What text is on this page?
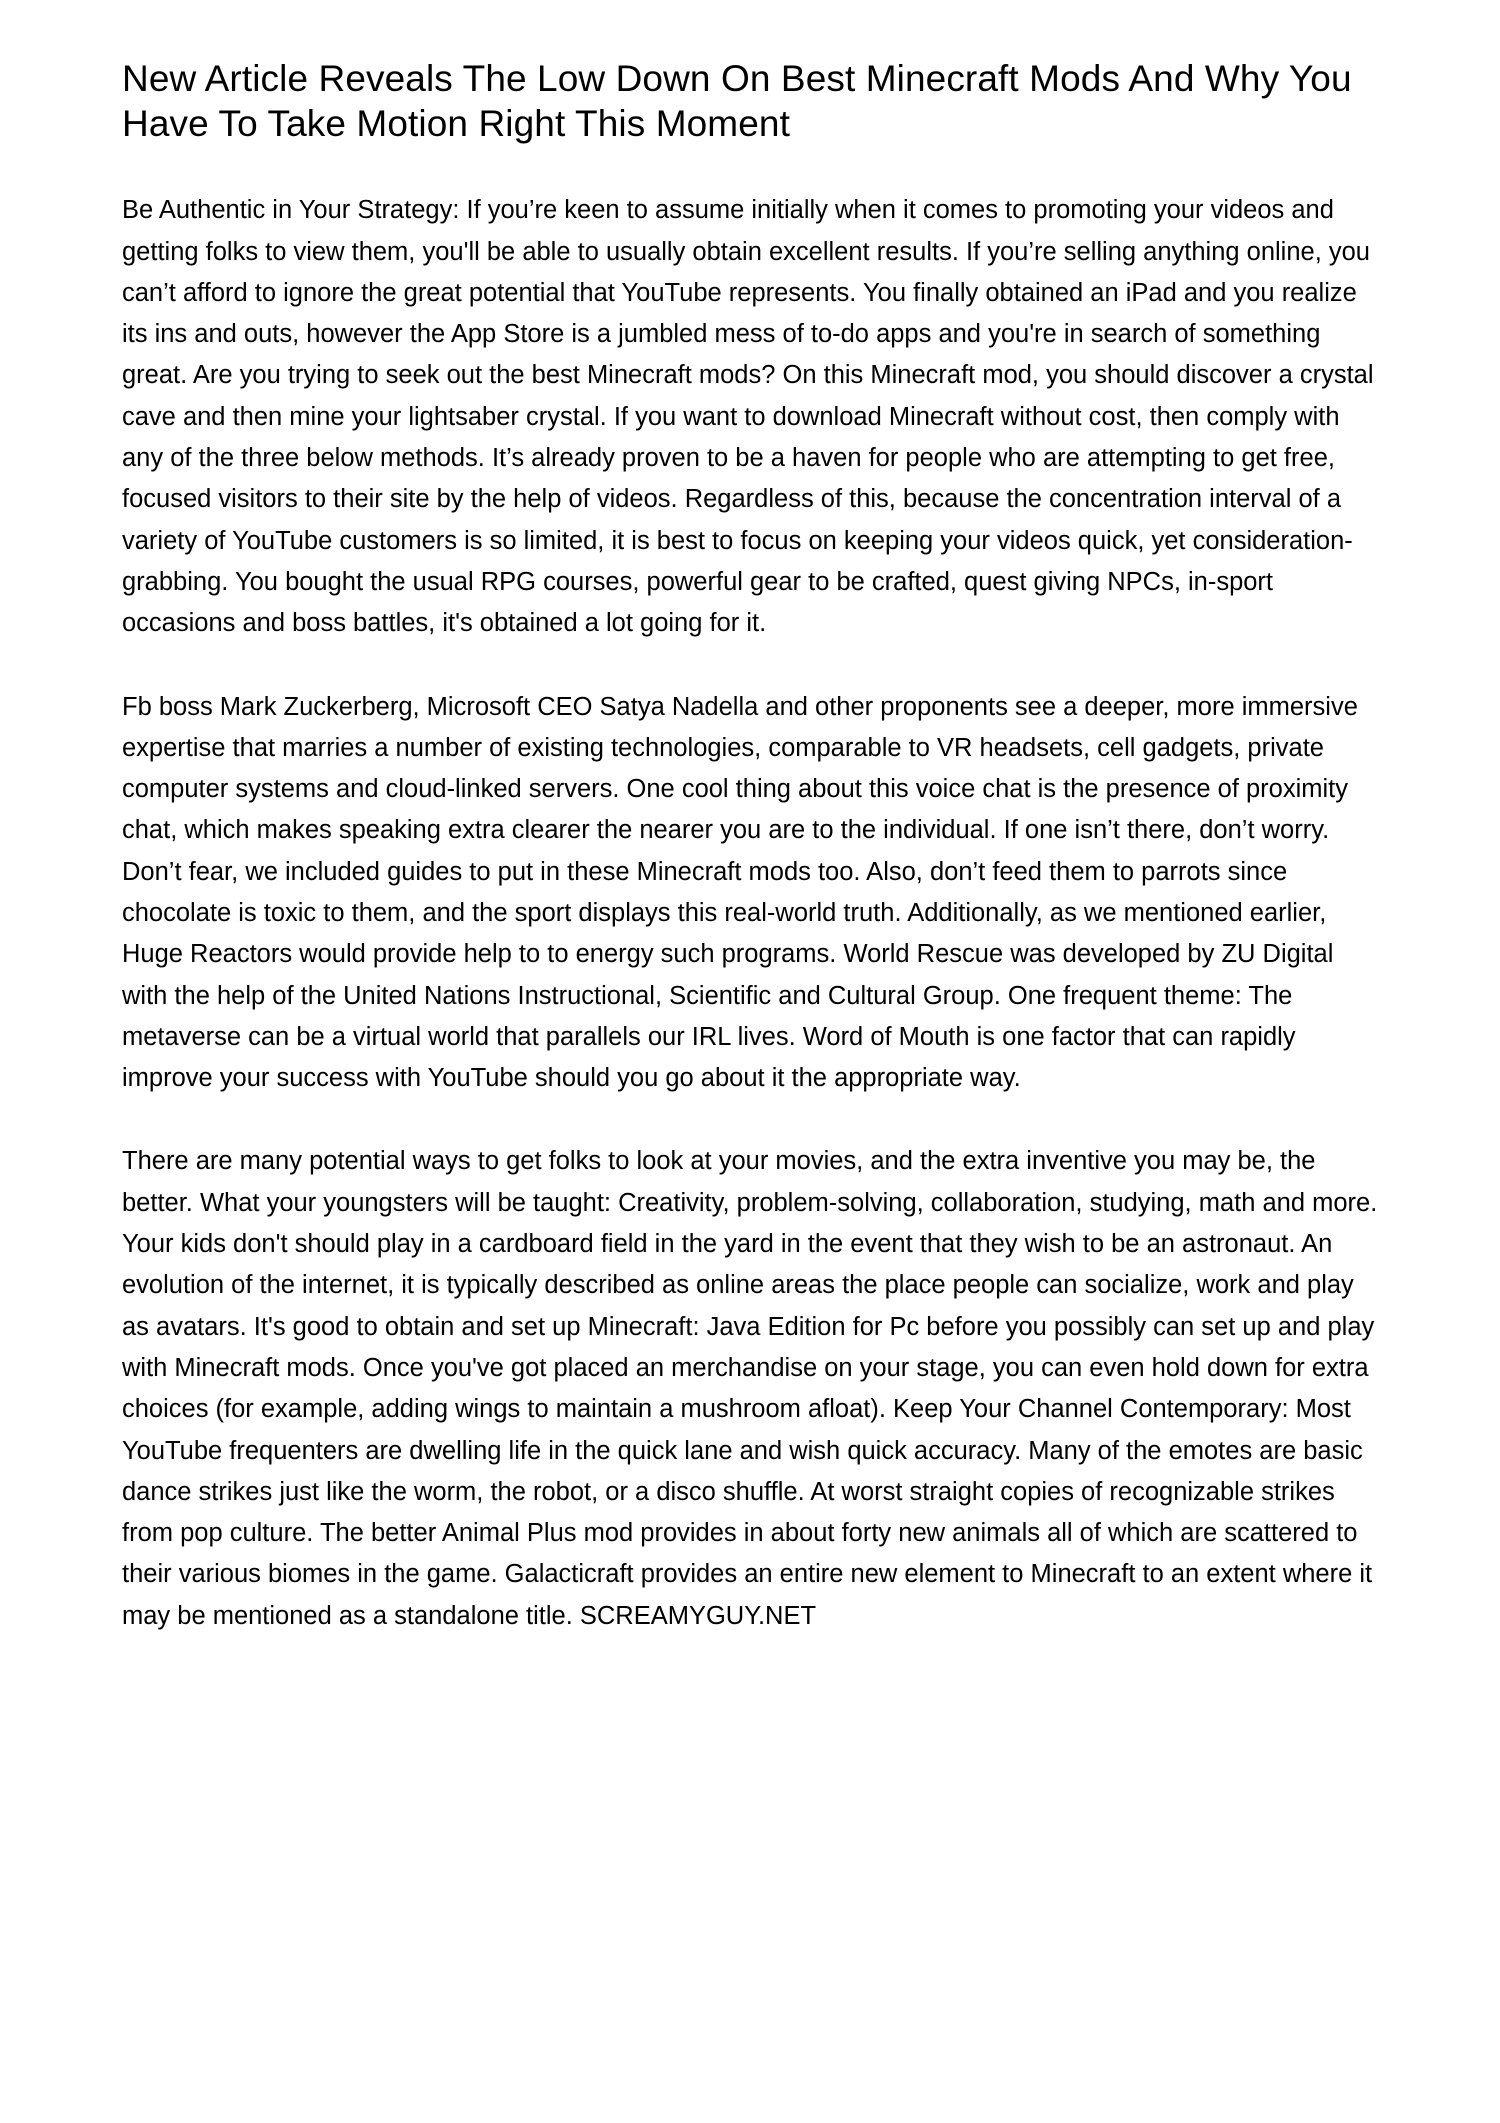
New Article Reveals The Low Down On Best Minecraft Mods And Why You Have To Take Motion Right This Moment

Be Authentic in Your Strategy: If you’re keen to assume initially when it comes to promoting your videos and getting folks to view them, you'll be able to usually obtain excellent results. If you’re selling anything online, you can’t afford to ignore the great potential that YouTube represents. You finally obtained an iPad and you realize its ins and outs, however the App Store is a jumbled mess of to-do apps and you're in search of something great. Are you trying to seek out the best Minecraft mods? On this Minecraft mod, you should discover a crystal cave and then mine your lightsaber crystal. If you want to download Minecraft without cost, then comply with any of the three below methods. It’s already proven to be a haven for people who are attempting to get free, focused visitors to their site by the help of videos. Regardless of this, because the concentration interval of a variety of YouTube customers is so limited, it is best to focus on keeping your videos quick, yet consideration-grabbing. You bought the usual RPG courses, powerful gear to be crafted, quest giving NPCs, in-sport occasions and boss battles, it's obtained a lot going for it.

Fb boss Mark Zuckerberg, Microsoft CEO Satya Nadella and other proponents see a deeper, more immersive expertise that marries a number of existing technologies, comparable to VR headsets, cell gadgets, private computer systems and cloud-linked servers. One cool thing about this voice chat is the presence of proximity chat, which makes speaking extra clearer the nearer you are to the individual. If one isn’t there, don’t worry. Don’t fear, we included guides to put in these Minecraft mods too. Also, don’t feed them to parrots since chocolate is toxic to them, and the sport displays this real-world truth. Additionally, as we mentioned earlier, Huge Reactors would provide help to to energy such programs. World Rescue was developed by ZU Digital with the help of the United Nations Instructional, Scientific and Cultural Group. One frequent theme: The metaverse can be a virtual world that parallels our IRL lives. Word of Mouth is one factor that can rapidly improve your success with YouTube should you go about it the appropriate way.

There are many potential ways to get folks to look at your movies, and the extra inventive you may be, the better. What your youngsters will be taught: Creativity, problem-solving, collaboration, studying, math and more. Your kids don't should play in a cardboard field in the yard in the event that they wish to be an astronaut. An evolution of the internet, it is typically described as online areas the place people can socialize, work and play as avatars. It's good to obtain and set up Minecraft: Java Edition for Pc before you possibly can set up and play with Minecraft mods. Once you've got placed an merchandise on your stage, you can even hold down for extra choices (for example, adding wings to maintain a mushroom afloat). Keep Your Channel Contemporary: Most YouTube frequenters are dwelling life in the quick lane and wish quick accuracy. Many of the emotes are basic dance strikes just like the worm, the robot, or a disco shuffle. At worst straight copies of recognizable strikes from pop culture. The better Animal Plus mod provides in about forty new animals all of which are scattered to their various biomes in the game. Galacticraft provides an entire new element to Minecraft to an extent where it may be mentioned as a standalone title. SCREAMYGUY.NET
